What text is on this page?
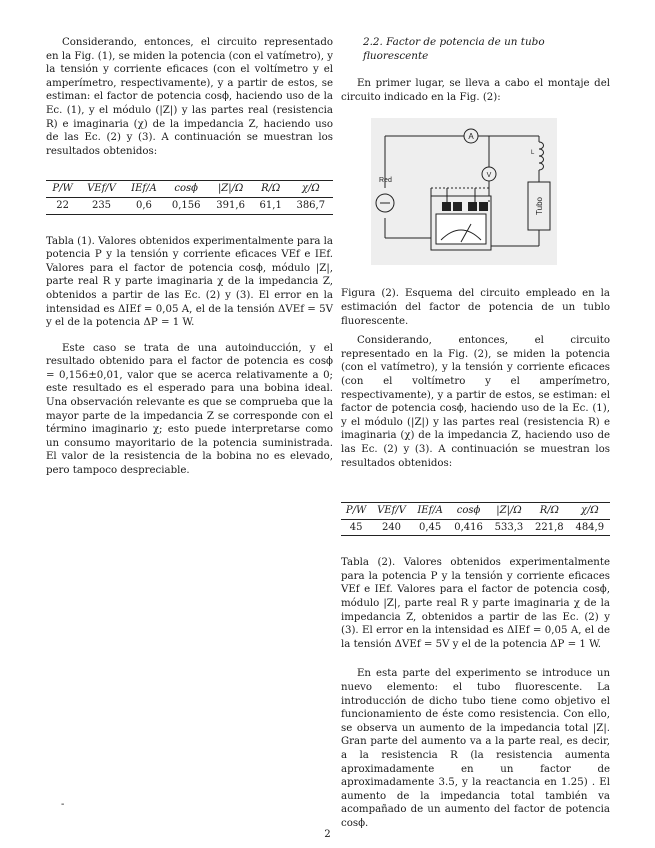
Considerando, entonces, el circuito representado en la Fig. (1), se miden la potencia (con el vatímetro), y la tensión y corriente eficaces (con el voltímetro y el amperímetro, respectivamente), y a partir de estos, se estiman: el factor de potencia cosϕ, haciendo uso de la Ec. (1), y el módulo (|Z|) y las partes real (resistencia R) e imaginaria (χ) de la impedancia Z, haciendo uso de las Ec. (2) y (3). A continuación se muestran los resultados obtenidos:

P/W	VEf/V	IEf/A	cosϕ	|Z|/Ω	R/Ω	χ/Ω
22	235	0,6	0,156	391,6	61,1	386,7

Tabla (1). Valores obtenidos experimentalmente para la potencia P y la tensión y corriente eficaces VEf e IEf. Valores para el factor de potencia cosϕ, módulo |Z|, parte real R y parte imaginaria χ de la impedancia Z, obtenidos a partir de las Ec. (2) y (3). El error en la intensidad es ΔIEf = 0,05 A, el de la tensión ΔVEf = 5V y el de la potencia ΔP = 1 W.

Este caso se trata de una autoinducción, y el resultado obtenido para el factor de potencia es cosϕ = 0,156±0,01, valor que se acerca relativamente a 0; este resultado es el esperado para una bobina ideal. Una observación relevante es que se comprueba que la mayor parte de la impedancia Z se corresponde con el término imaginario χ; esto puede interpretarse como un consumo mayoritario de la potencia suministrada. El valor de la resistencia de la bobina no es elevado, pero tampoco despreciable.

2.2. Factor de potencia de un tubo fluorescente

En primer lugar, se lleva a cabo el montaje del circuito indicado en la Fig. (2):

A
V
Red
L
Tubo

Figura (2). Esquema del circuito empleado en la estimación del factor de potencia de un tublo fluorescente.

Considerando, entonces, el circuito representado en la Fig. (2), se miden la potencia (con el vatímetro), y la tensión y corriente eficaces (con el voltímetro y el amperímetro, respectivamente), y a partir de estos, se estiman: el factor de potencia cosϕ, haciendo uso de la Ec. (1), y el módulo (|Z|) y las partes real (resistencia R) e imaginaria (χ) de la impedancia Z, haciendo uso de las Ec. (2) y (3). A continuación se muestran los resultados obtenidos:

P/W	VEf/V	IEf/A	cosϕ	|Z|/Ω	R/Ω	χ/Ω
45	240	0,45	0,416	533,3	221,8	484,9

Tabla (2). Valores obtenidos experimentalmente para la potencia P y la tensión y corriente eficaces VEf e IEf. Valores para el factor de potencia cosϕ, módulo |Z|, parte real R y parte imaginaria χ de la impedancia Z, obtenidos a partir de las Ec. (2) y (3). El error en la intensidad es ΔIEf = 0,05 A, el de la tensión ΔVEf = 5V y el de la potencia ΔP = 1 W.

En esta parte del experimento se introduce un nuevo elemento: el tubo fluorescente. La introducción de dicho tubo tiene como objetivo el funcionamiento de éste como resistencia. Con ello, se observa un aumento de la impedancia total |Z|. Gran parte del aumento va a la parte real, es decir, a la resistencia R (la resistencia aumenta aproximadamente en un factor de aproximadamente 3.5, y la reactancia en 1.25) . El aumento de la impedancia total también va acompañado de un aumento del factor de potencia cosϕ.

-
2
